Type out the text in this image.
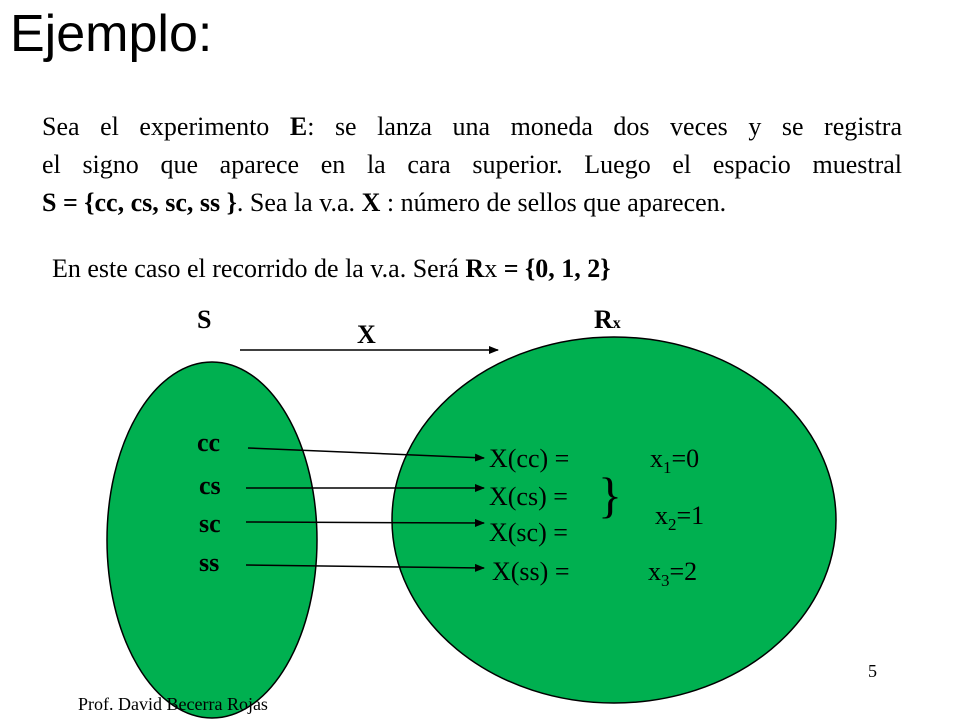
Ejemplo:
Sea el experimento E: se lanza una moneda dos veces y se registra
el signo que aparece en la cara superior. Luego el espacio muestral
S = {cc, cs, sc, ss }. Sea la v.a. X : número de sellos que aparecen.
En este caso el recorrido de la v.a. Será Rx = {0, 1, 2}
S	Rx
X
cc
cs
sc
ss
X(cc) =
X(cs) =
X(sc) =
X(ss) =
}
$x_1=0$
$x_2=1$
$x_3=2$
5
Prof. David Becerra Rojas
